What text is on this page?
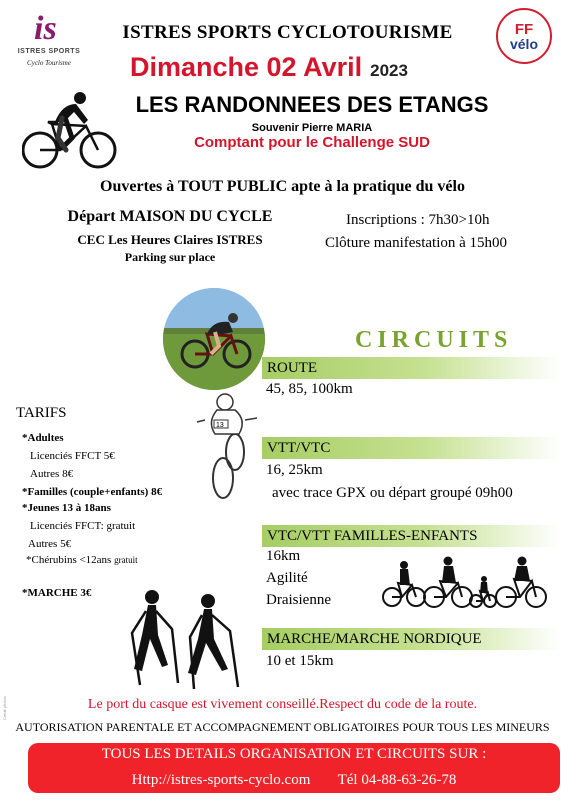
is
ISTRES SPORTS
Cyclo Tourisme
FF
vélo
ISTRES SPORTS CYCLOTOURISME
Dimanche 02 Avril 2023
LES RANDONNEES DES ETANGS
Souvenir Pierre MARIA
Comptant pour le Challenge SUD
Ouvertes à TOUT PUBLIC apte à la pratique du vélo
Départ MAISON DU CYCLE
CEC Les Heures Claires ISTRES
Parking sur place
Inscriptions : 7h30>10h
Clôture manifestation à 15h00
CIRCUITS
ROUTE
45, 85, 100km
VTT/VTC
16, 25km
avec trace GPX ou départ groupé 09h00
VTC/VTT FAMILLES-ENFANTS
16km
Agilité
Draisienne
MARCHE/MARCHE NORDIQUE
10 et 15km
TARIFS
*Adultes
Licenciés FFCT 5€
Autres 8€
*Familles (couple+enfants) 8€
*Jeunes 13 à 18ans
Licenciés FFCT: gratuit
Autres 5€
*Chérubins <12ans gratuit
*MARCHE 3€
13
Crédit photos	Le port du casque est vivement conseillé.Respect du code de la route.
AUTORISATION PARENTALE ET ACCOMPAGNEMENT OBLIGATOIRES POUR TOUS LES MINEURS
TOUS LES DETAILS ORGANISATION ET CIRCUITS SUR :
Http://istres-sports-cyclo.com Tél 04-88-63-26-78
